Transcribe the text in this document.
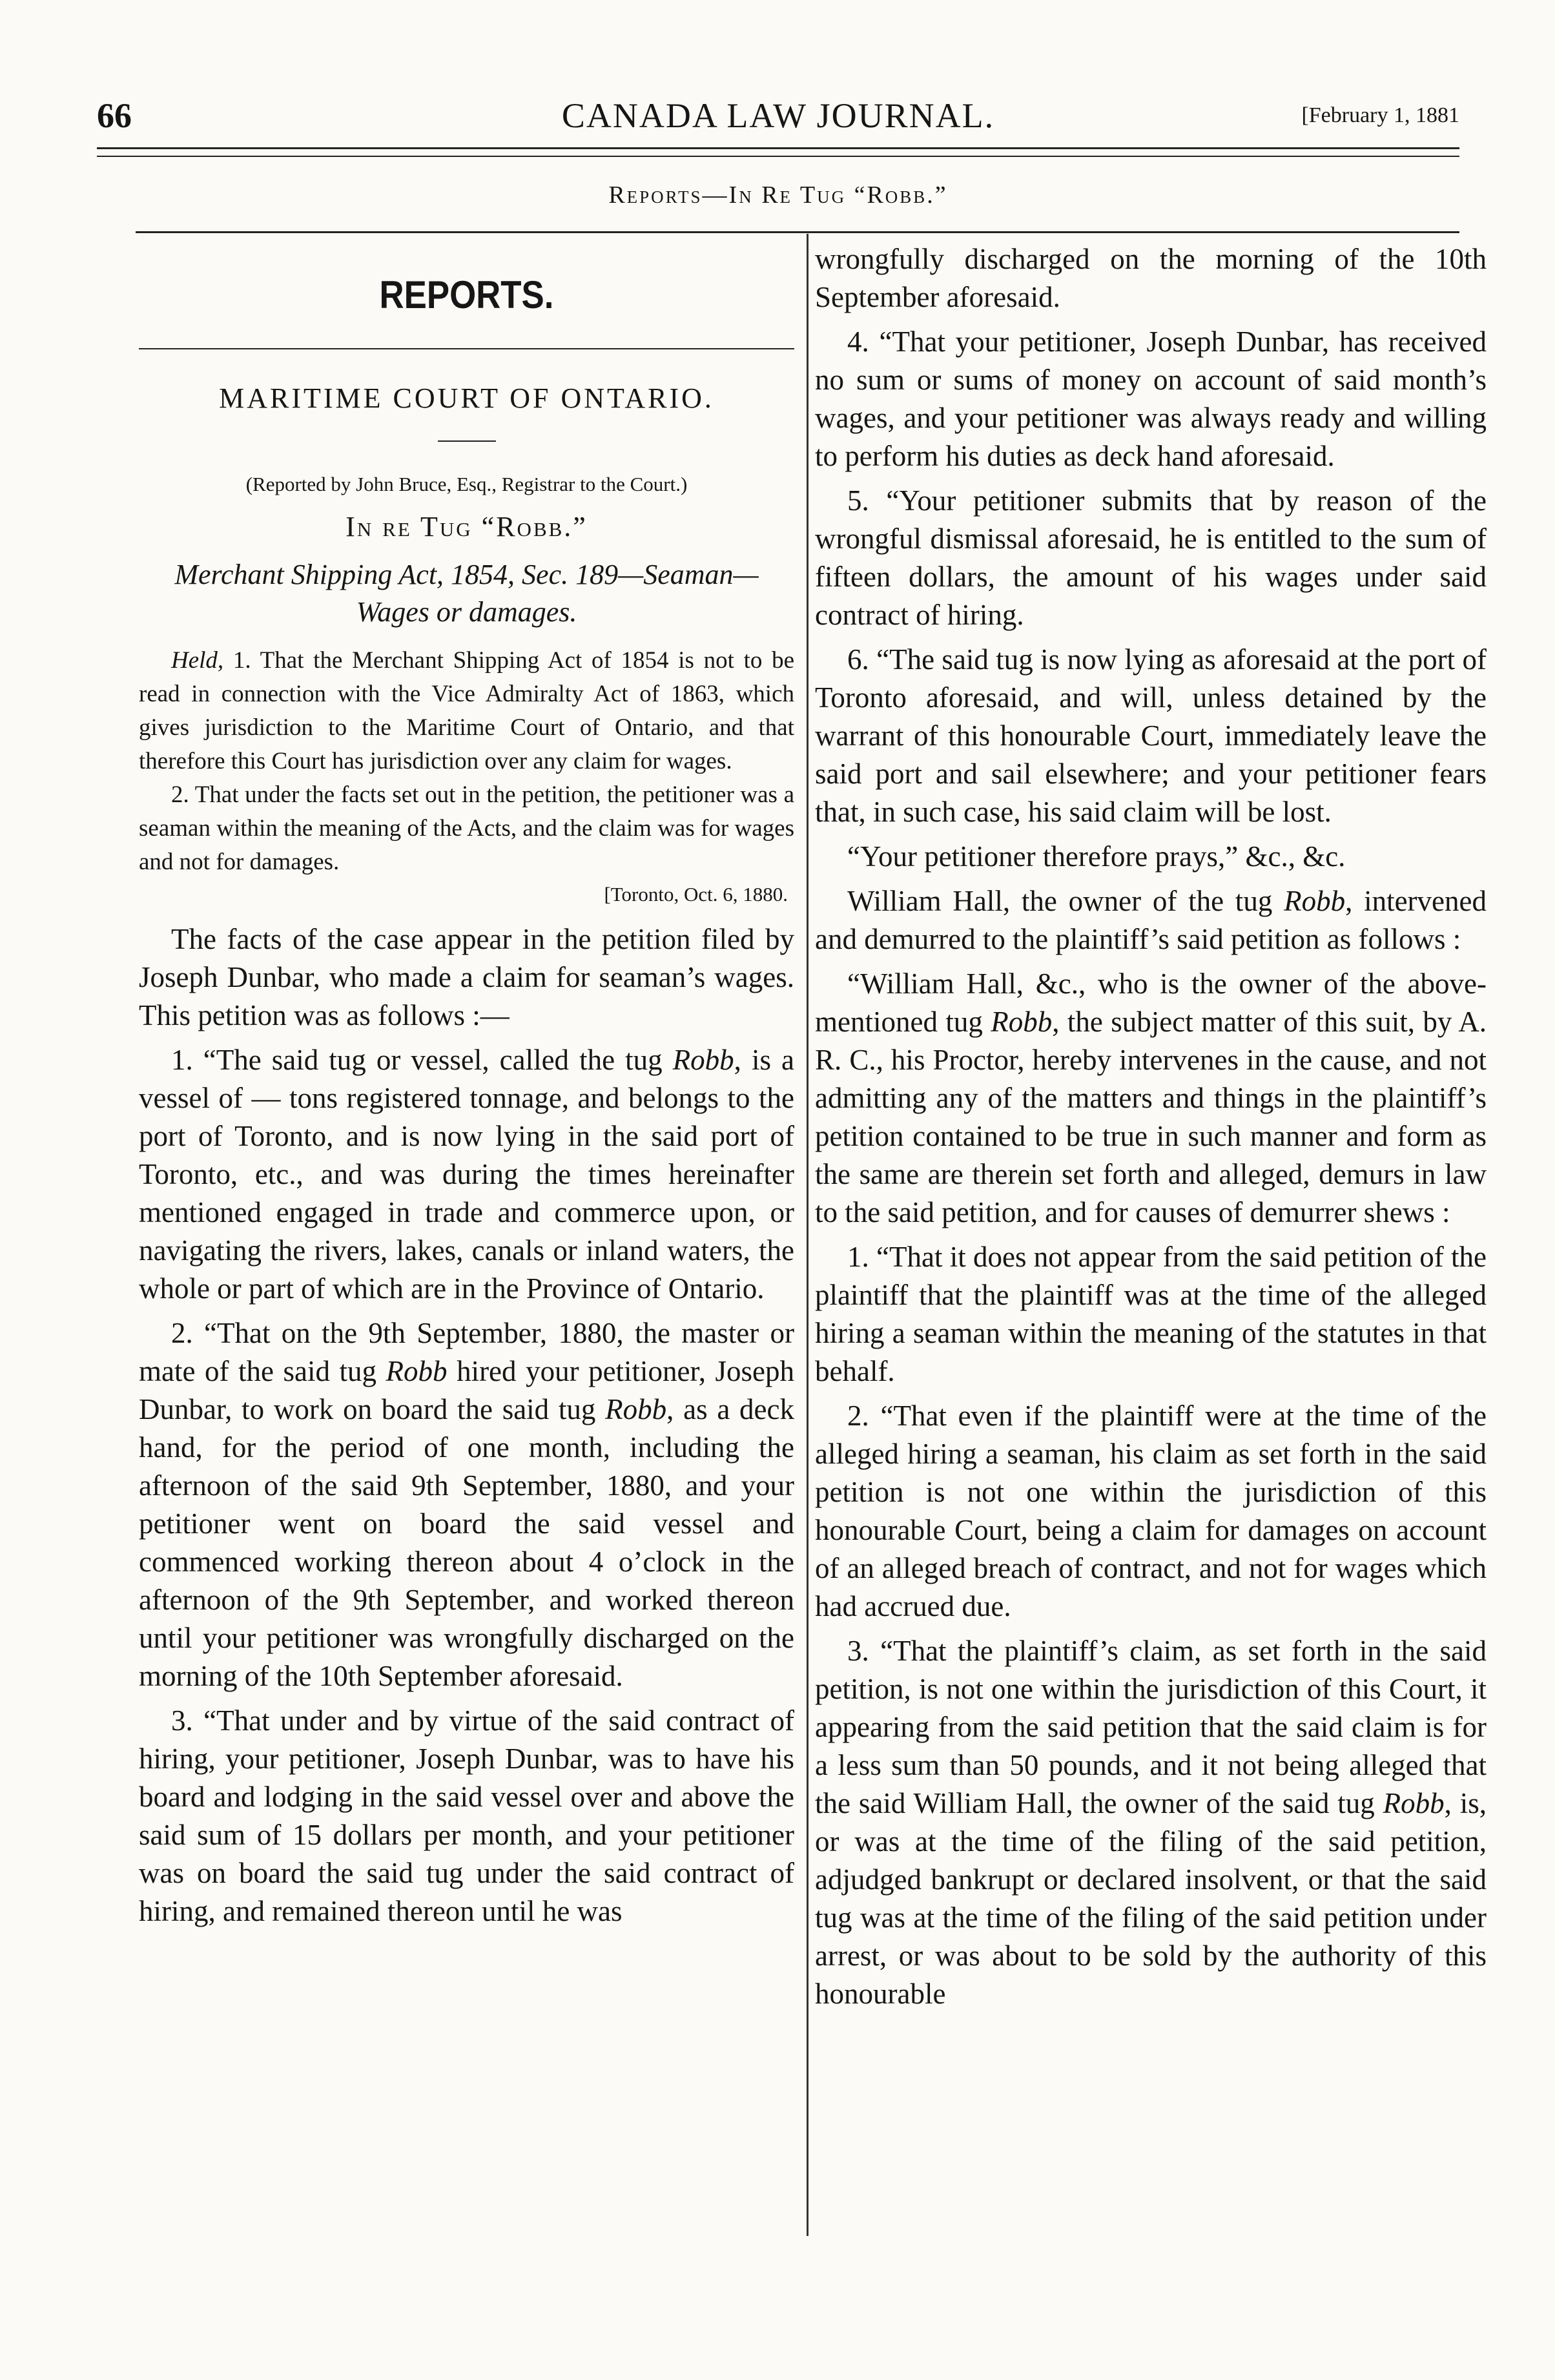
66	CANADA LAW JOURNAL.	[February 1, 1881
Reports—In Re Tug “Robb.”
REPORTS.
MARITIME COURT OF ONTARIO.
(Reported by John Bruce, Esq., Registrar to the Court.)
In re Tug “Robb.”
Merchant Shipping Act, 1854, Sec. 189—Seaman—Wages or damages.

Held, 1. That the Merchant Shipping Act of 1854 is not to be read in connection with the Vice Admiralty Act of 1863, which gives jurisdiction to the Maritime Court of Ontario, and that therefore this Court has jurisdiction over any claim for wages.

2. That under the facts set out in the petition, the petitioner was a seaman within the meaning of the Acts, and the claim was for wages and not for damages.

[Toronto, Oct. 6, 1880.

The facts of the case appear in the petition filed by Joseph Dunbar, who made a claim for seaman’s wages. This petition was as follows :—

1. “The said tug or vessel, called the tug Robb, is a vessel of — tons registered tonnage, and belongs to the port of Toronto, and is now lying in the said port of Toronto, etc., and was during the times hereinafter mentioned engaged in trade and commerce upon, or navigating the rivers, lakes, canals or inland waters, the whole or part of which are in the Province of Ontario.

2. “That on the 9th September, 1880, the master or mate of the said tug Robb hired your petitioner, Joseph Dunbar, to work on board the said tug Robb, as a deck hand, for the period of one month, including the afternoon of the said 9th September, 1880, and your petitioner went on board the said vessel and commenced working thereon about 4 o’clock in the afternoon of the 9th September, and worked thereon until your petitioner was wrongfully discharged on the morning of the 10th September aforesaid.

3. “That under and by virtue of the said contract of hiring, your petitioner, Joseph Dunbar, was to have his board and lodging in the said vessel over and above the said sum of 15 dollars per month, and your petitioner was on board the said tug under the said contract of hiring, and remained thereon until he was

wrongfully discharged on the morning of the 10th September aforesaid.

4. “That your petitioner, Joseph Dunbar, has received no sum or sums of money on account of said month’s wages, and your petitioner was always ready and willing to perform his duties as deck hand aforesaid.

5. “Your petitioner submits that by reason of the wrongful dismissal aforesaid, he is entitled to the sum of fifteen dollars, the amount of his wages under said contract of hiring.

6. “The said tug is now lying as aforesaid at the port of Toronto aforesaid, and will, unless detained by the warrant of this honourable Court, immediately leave the said port and sail elsewhere; and your petitioner fears that, in such case, his said claim will be lost.

“Your petitioner therefore prays,” &c., &c.

William Hall, the owner of the tug Robb, intervened and demurred to the plaintiff’s said petition as follows :

“William Hall, &c., who is the owner of the above-mentioned tug Robb, the subject matter of this suit, by A. R. C., his Proctor, hereby intervenes in the cause, and not admitting any of the matters and things in the plaintiff’s petition contained to be true in such manner and form as the same are therein set forth and alleged, demurs in law to the said petition, and for causes of demurrer shews :

1. “That it does not appear from the said petition of the plaintiff that the plaintiff was at the time of the alleged hiring a seaman within the meaning of the statutes in that behalf.

2. “That even if the plaintiff were at the time of the alleged hiring a seaman, his claim as set forth in the said petition is not one within the jurisdiction of this honourable Court, being a claim for damages on account of an alleged breach of contract, and not for wages which had accrued due.

3. “That the plaintiff’s claim, as set forth in the said petition, is not one within the jurisdiction of this Court, it appearing from the said petition that the said claim is for a less sum than 50 pounds, and it not being alleged that the said William Hall, the owner of the said tug Robb, is, or was at the time of the filing of the said petition, adjudged bankrupt or declared insolvent, or that the said tug was at the time of the filing of the said petition under arrest, or was about to be sold by the authority of this honourable
